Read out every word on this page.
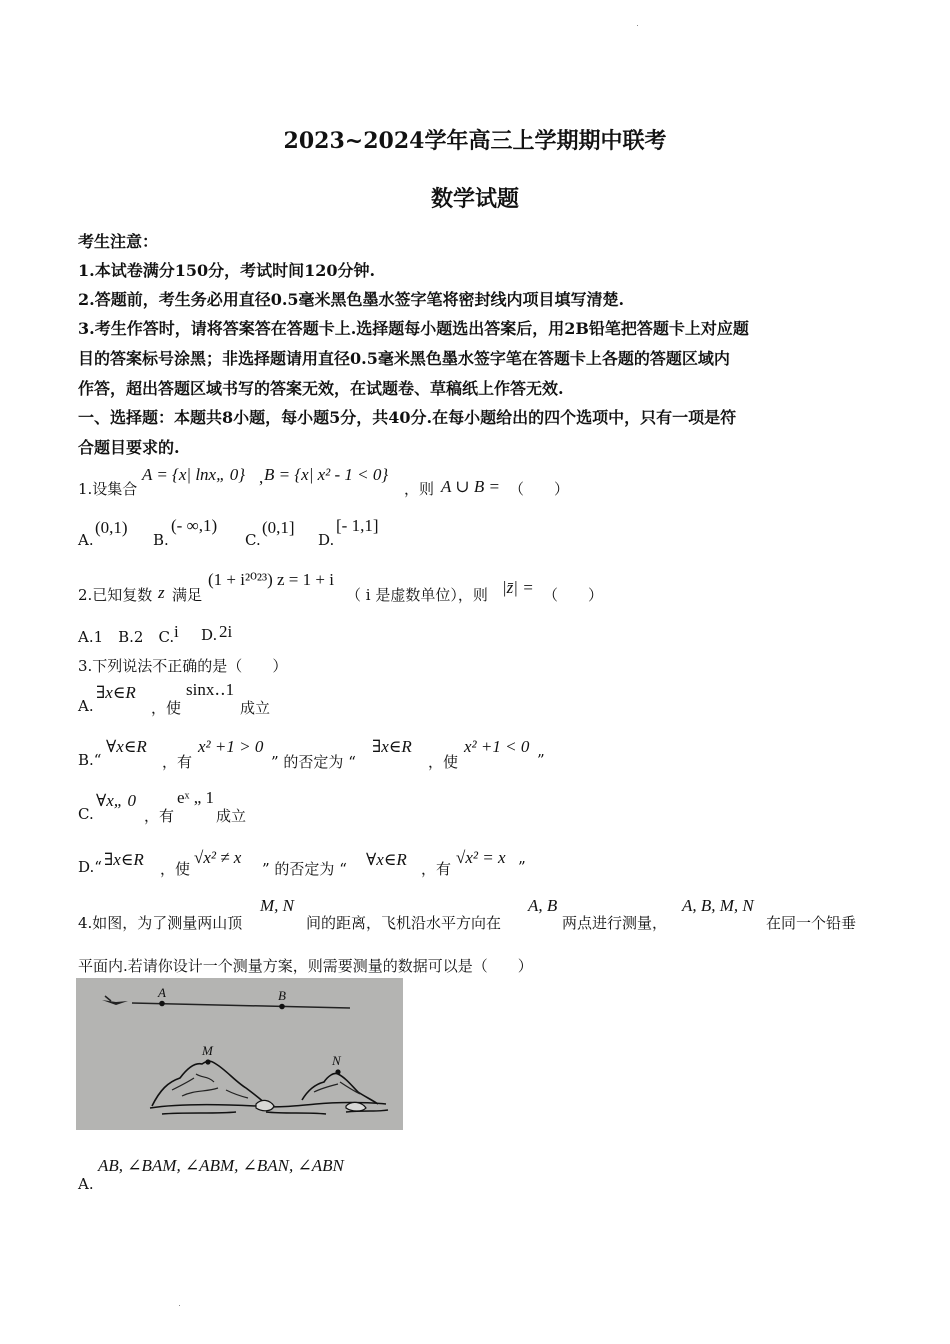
2023~2024学年高三上学期期中联考
数学试题
考生注意：
1.本试卷满分150分，考试时间120分钟.
2.答题前，考生务必用直径0.5毫米黑色墨水签字笔将密封线内项目填写清楚.
3.考生作答时，请将答案答在答题卡上.选择题每小题选出答案后，用2B铅笔把答题卡上对应题
目的答案标号涂黑；非选择题请用直径0.5毫米黑色墨水签字笔在答题卡上各题的答题区域内
作答，超出答题区域书写的答案无效，在试题卷、草稿纸上作答无效.
一、选择题：本题共8小题，每小题5分，共40分.在每小题给出的四个选项中，只有一项是符
合题目要求的.
1.设集合
A = {x| lnx„ 0} , B = {x| x² - 1 < 0}
，则 A ∪ B = （　　）
A.
(0,1)
B.
(- ∞,1)
C.
(0,1]
D.
[- 1,1]
2.已知复数 z 满足
(1 + i²⁰²³) z = 1 + i
（ i 是虚数单位），则 |z̄| = （　　）
A.1　B.2　C. i D. 2i
3.下列说法不正确的是（　　）
A.
∃x∈R
，使
sinx‥1
成立
B.“
∀x∈R
，有
x² +1 > 0
” 的否定为 “
∃x∈R
，使
x² +1 < 0
”
C.
∀x„ 0
，有
eˣ „ 1
成立
D.“ ∃x∈R ，使
√x² ≠ x
” 的否定为 “ ∀x∈R ，有
√x² = x ”
4.如图，为了测量两山顶
M, N
间的距离，飞机沿水平方向在
A, B
两点进行测量，
A, B, M, N
在同一个铅垂
平面内.若请你设计一个测量方案，则需要测量的数据可以是（　　）
A	B
M
N
A.
AB, ∠BAM, ∠ABM, ∠BAN, ∠ABN
